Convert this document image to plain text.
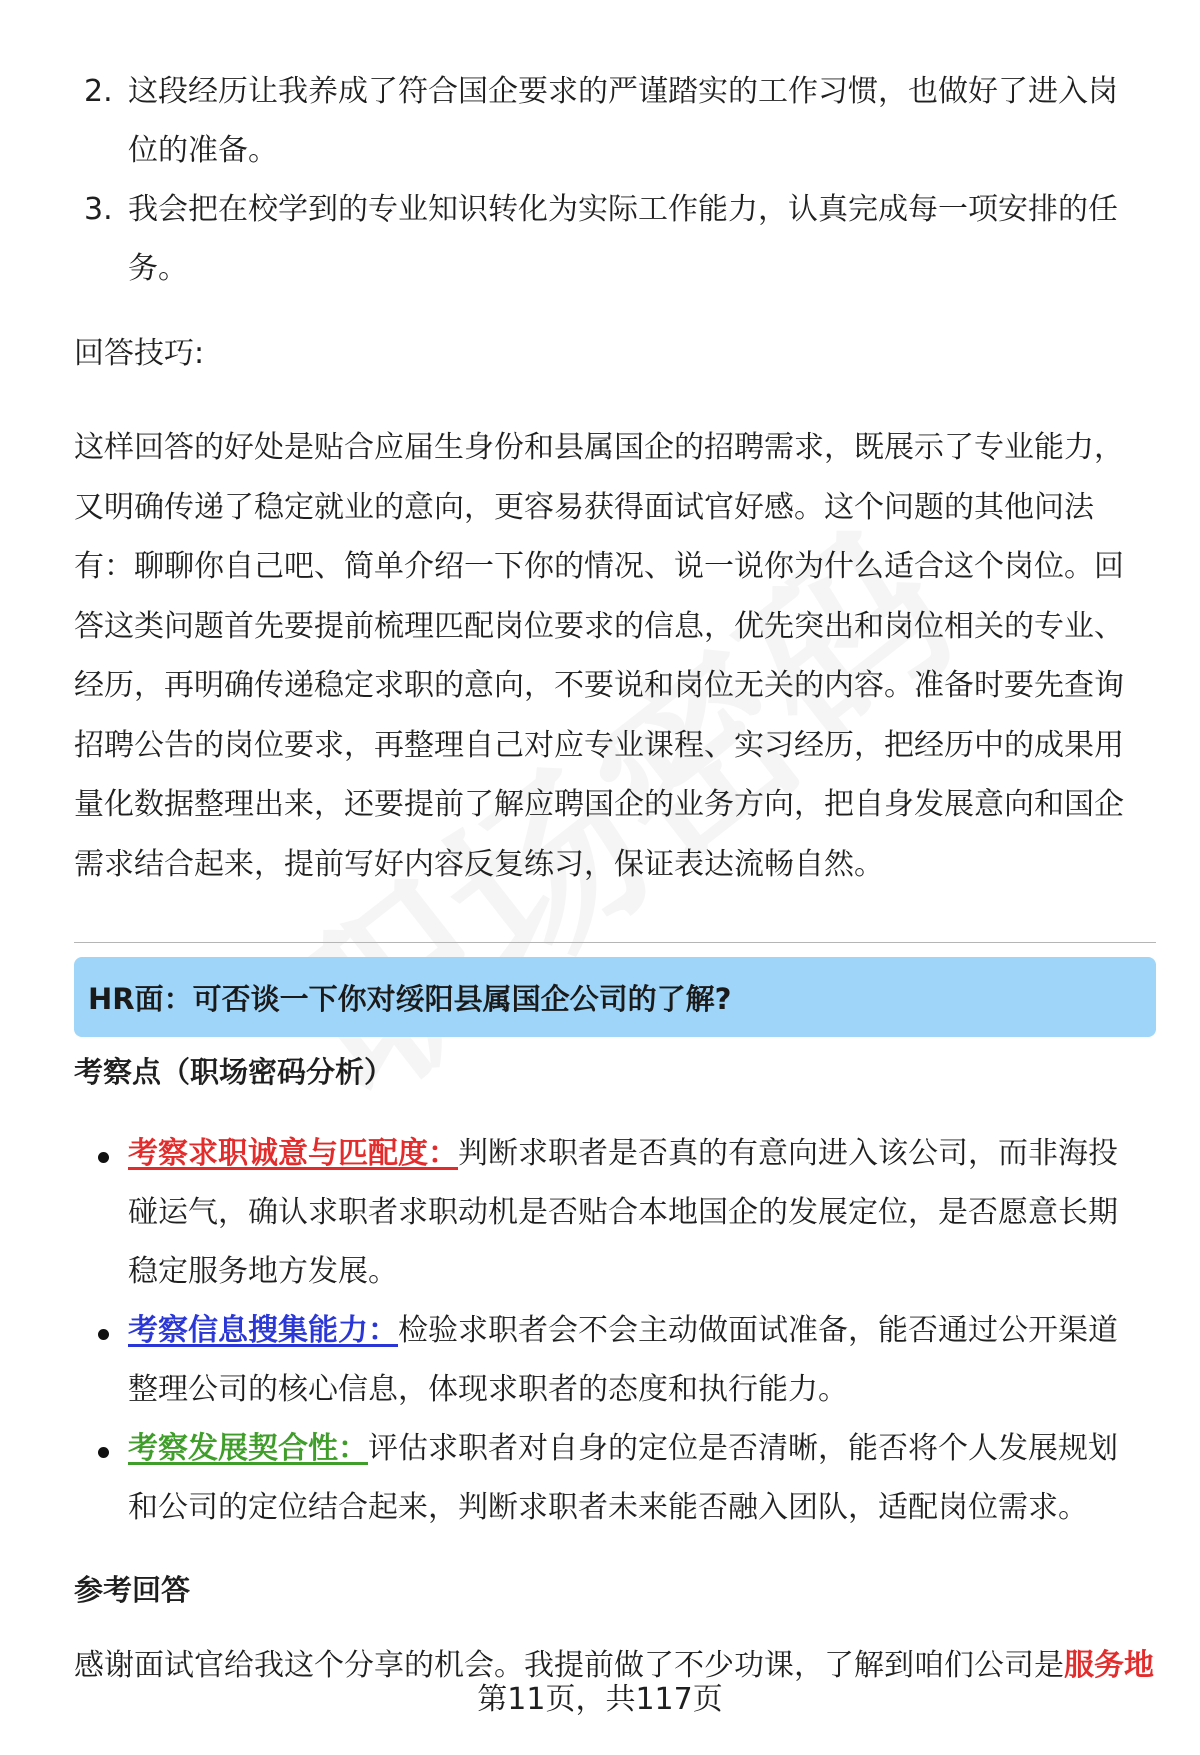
2. 这段经历让我养成了符合国企要求的严谨踏实的工作习惯，也做好了进入岗位的准备。
3. 我会把在校学到的专业知识转化为实际工作能力，认真完成每一项安排的任务。
回答技巧:

这样回答的好处是贴合应届生身份和县属国企的招聘需求，既展示了专业能力，又明确传递了稳定就业的意向，更容易获得面试官好感。这个问题的其他问法有：聊聊你自己吧、简单介绍一下你的情况、说一说你为什么适合这个岗位。回答这类问题首先要提前梳理匹配岗位要求的信息，优先突出和岗位相关的专业、经历，再明确传递稳定求职的意向，不要说和岗位无关的内容。准备时要先查询招聘公告的岗位要求，再整理自己对应专业课程、实习经历，把经历中的成果用量化数据整理出来，还要提前了解应聘国企的业务方向，把自身发展意向和国企需求结合起来，提前写好内容反复练习，保证表达流畅自然。

HR面：可否谈一下你对绥阳县属国企公司的了解?
考察点（职场密码分析）
考察求职诚意与匹配度：判断求职者是否真的有意向进入该公司，而非海投碰运气，确认求职者求职动机是否贴合本地国企的发展定位，是否愿意长期稳定服务地方发展。
考察信息搜集能力：检验求职者会不会主动做面试准备，能否通过公开渠道整理公司的核心信息，体现求职者的态度和执行能力。
考察发展契合性：评估求职者对自身的定位是否清晰，能否将个人发展规划和公司的定位结合起来，判断求职者未来能否融入团队，适配岗位需求。
参考回答
感谢面试官给我这个分享的机会。我提前做了不少功课，了解到咱们公司是服务地
第11页，共117页
